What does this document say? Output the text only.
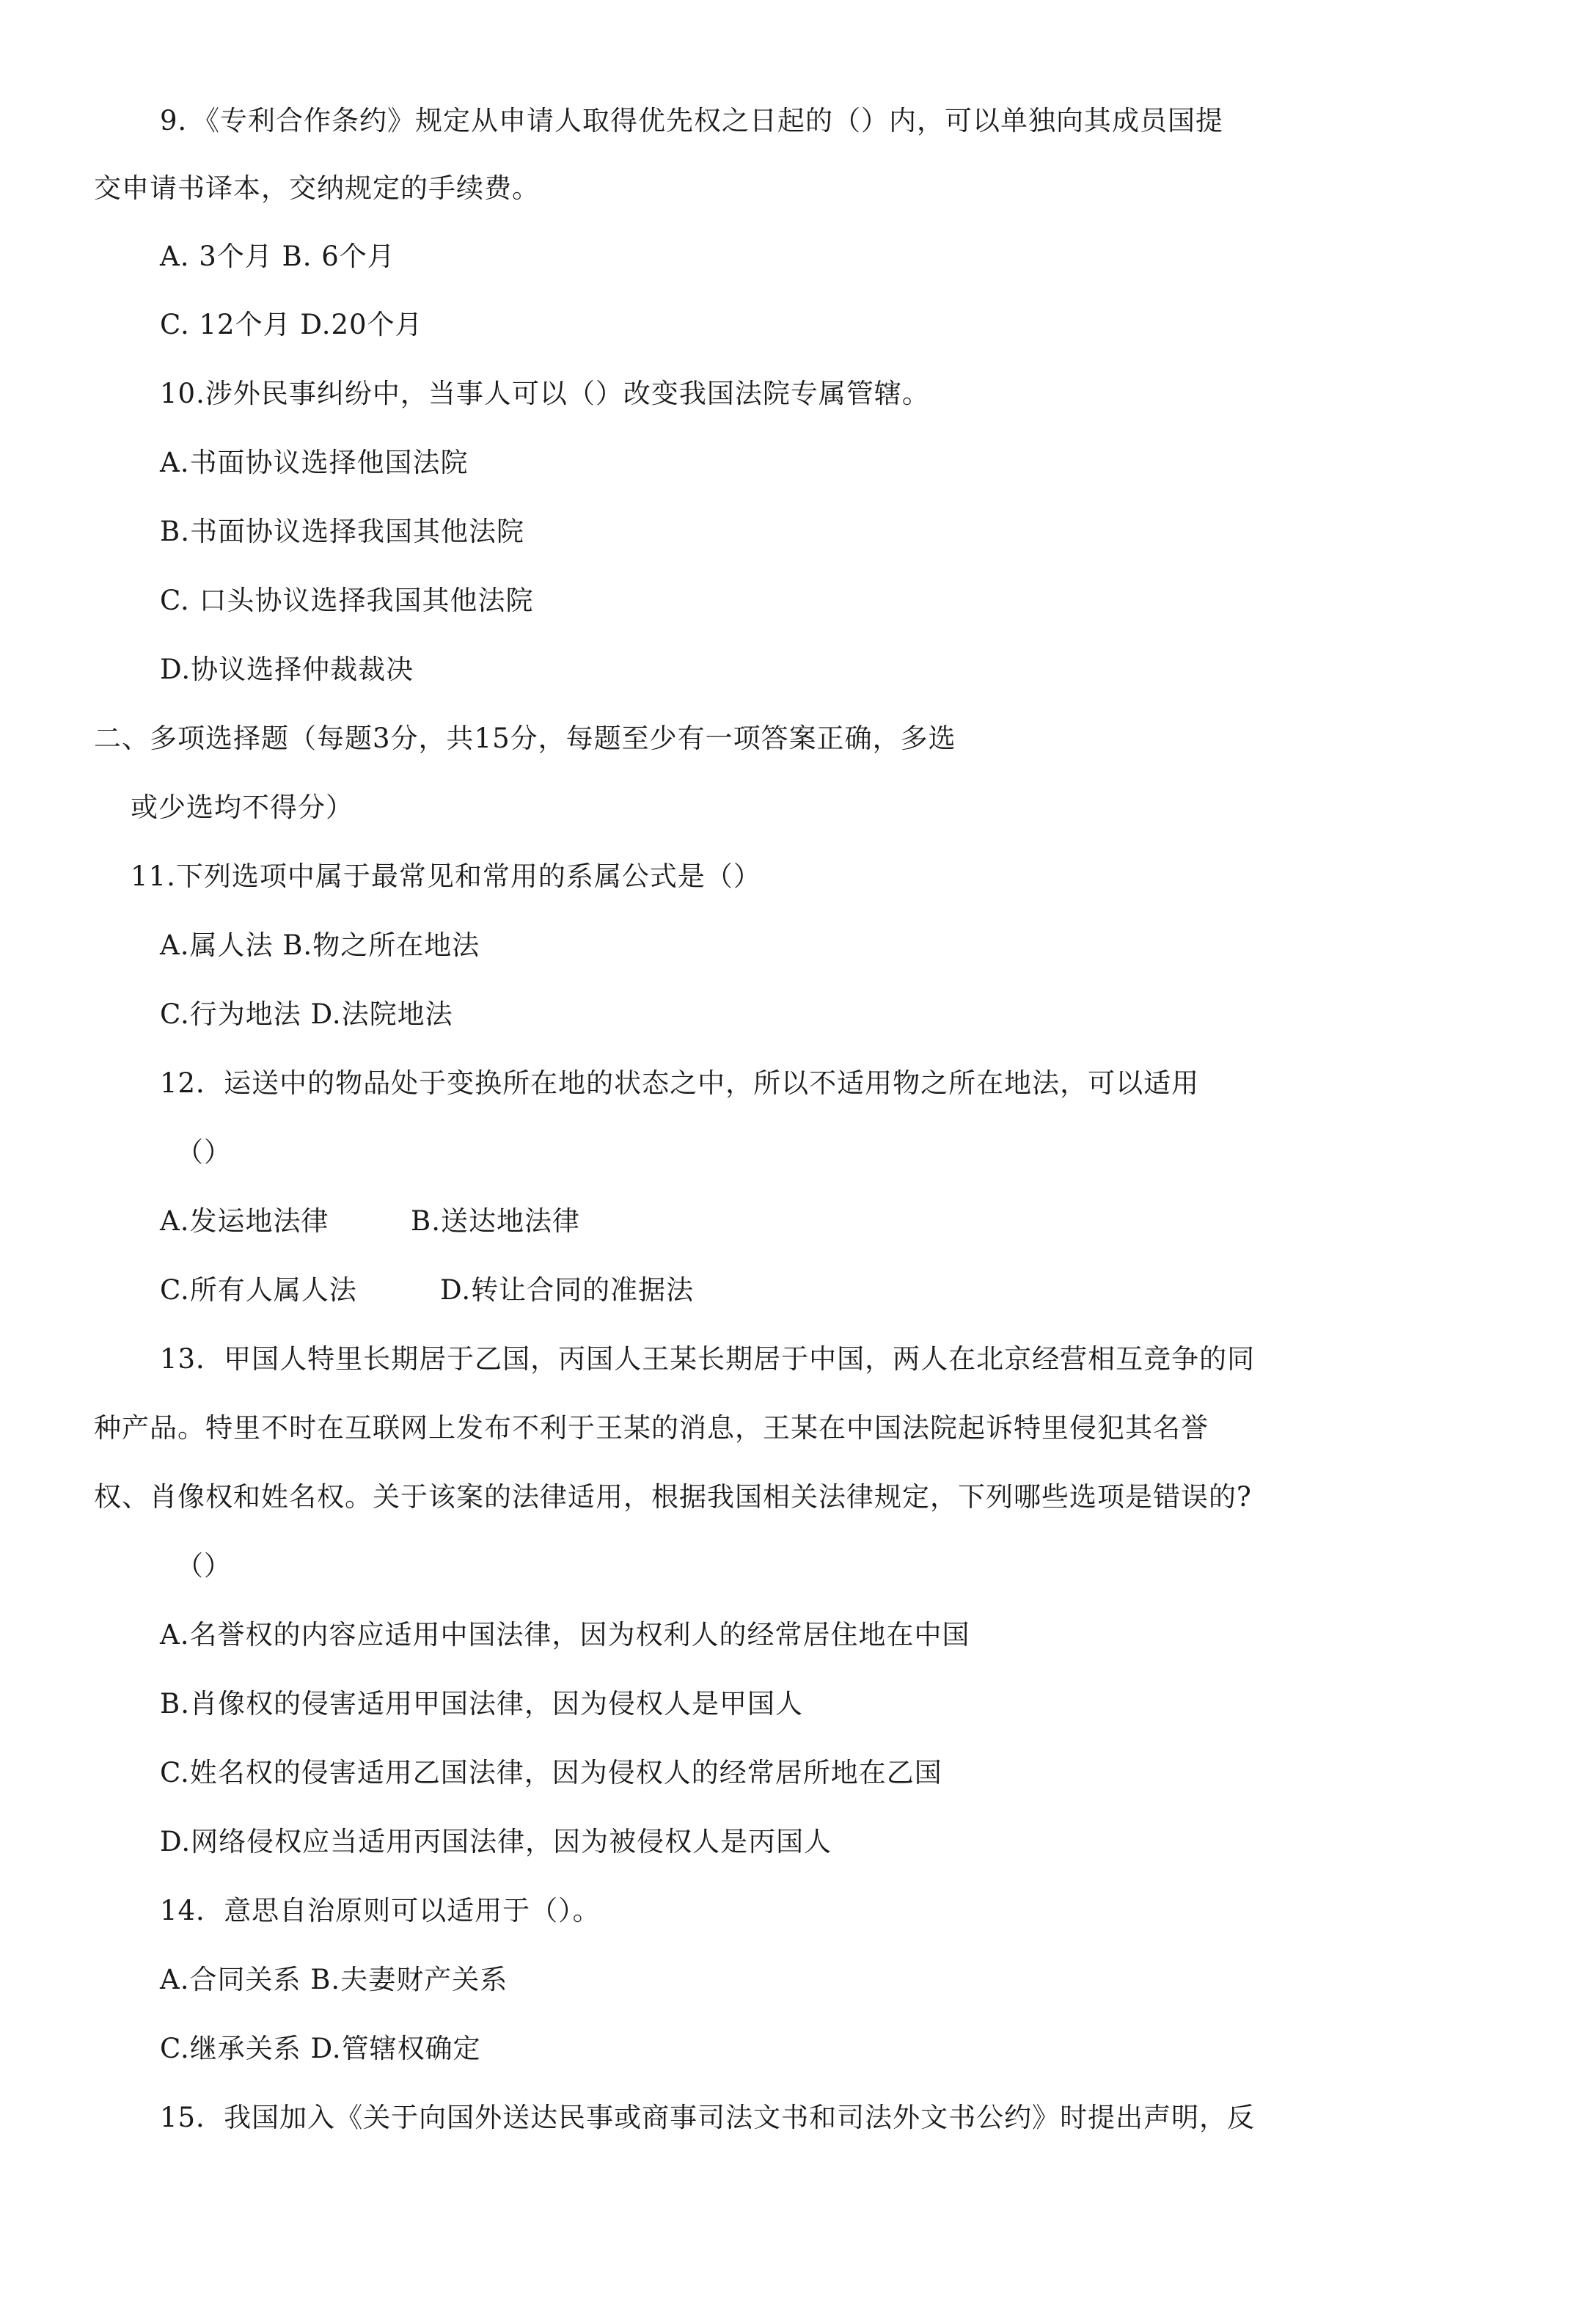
9．《专利合作条约》规定从申请人取得优先权之日起的（）内，可以单独向其成员国提
交申请书译本，交纳规定的手续费。
A. 3个月 B. 6个月
C. 12个月 D.20个月
10.涉外民事纠纷中，当事人可以（）改变我国法院专属管辖。
A.书面协议选择他国法院
B.书面协议选择我国其他法院
C. 口头协议选择我国其他法院
D.协议选择仲裁裁决
二、多项选择题（每题3分，共15分，每题至少有一项答案正确，多选
或少选均不得分）
11.下列选项中属于最常见和常用的系属公式是（）
A.属人法 B.物之所在地法
C.行为地法 D.法院地法
12．运送中的物品处于变换所在地的状态之中，所以不适用物之所在地法，可以适用
（）
A.发运地法律	B.送达地法律
C.所有人属人法	D.转让合同的准据法
13．甲国人特里长期居于乙国，丙国人王某长期居于中国，两人在北京经营相互竞争的同
种产品。特里不时在互联网上发布不利于王某的消息，王某在中国法院起诉特里侵犯其名誉
权、肖像权和姓名权。关于该案的法律适用，根据我国相关法律规定，下列哪些选项是错误的?
（）
A.名誉权的内容应适用中国法律，因为权利人的经常居住地在中国
B.肖像权的侵害适用甲国法律，因为侵权人是甲国人
C.姓名权的侵害适用乙国法律，因为侵权人的经常居所地在乙国
D.网络侵权应当适用丙国法律，因为被侵权人是丙国人
14．意思自治原则可以适用于（）。
A.合同关系 B.夫妻财产关系
C.继承关系 D.管辖权确定
15．我国加入《关于向国外送达民事或商事司法文书和司法外文书公约》时提出声明，反
